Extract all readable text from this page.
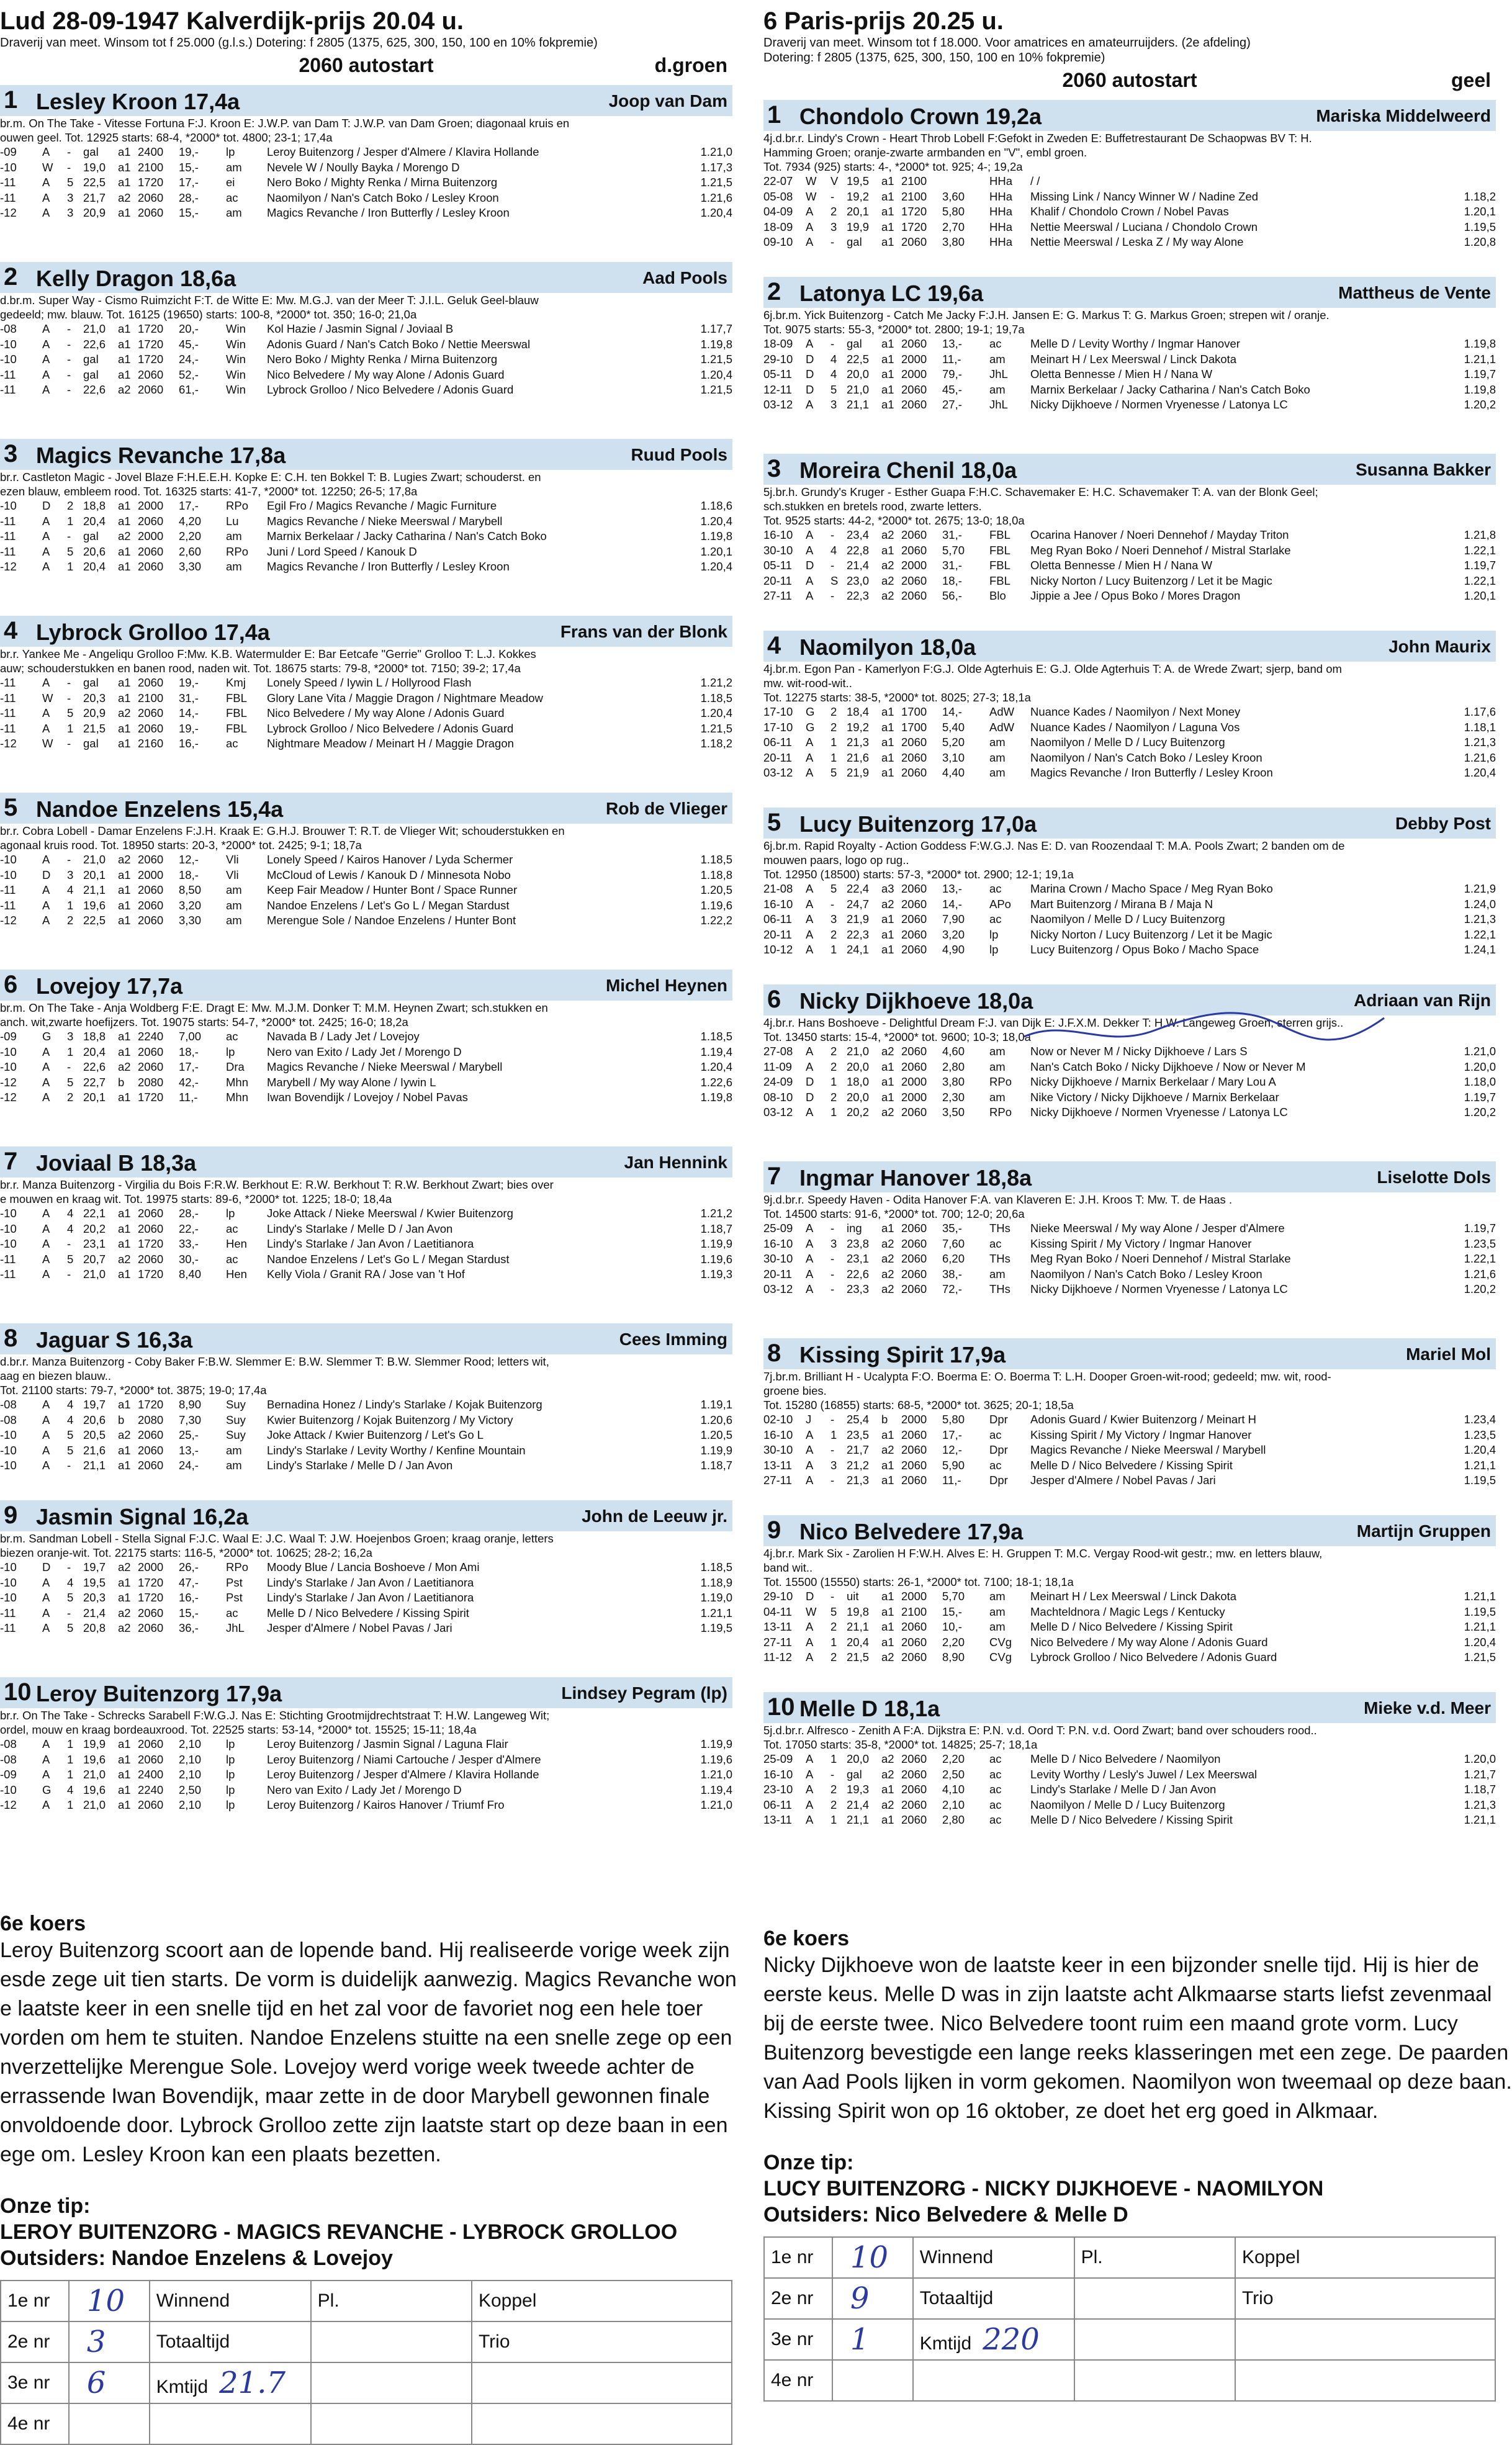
Lud 28-09-1947 Kalverdijk-prijs 20.04 u.
Draverij van meet. Winsom tot f 25.000 (g.l.s.) Dotering: f 2805 (1375, 625, 300, 150, 100 en 10% fokpremie)
2060 autostart	d.groen
1 Lesley Kroon 17,4a	Joop van Dam
br.m. On The Take - Vitesse Fortuna F:J. Kroon E: J.W.P. van Dam T: J.W.P. van Dam Groen; diagonaal kruis en
ouwen geel. Tot. 12925 starts: 68-4, *2000* tot. 4800; 23-1; 17,4a
-09	A	-	gal	a1 2400	19,-	lp	Leroy Buitenzorg / Jesper d'Almere / Klavira Hollande	1.21,0
-10	W	-	19,0	a1 2100	15,-	am	Nevele W / Noully Bayka / Morengo D	1.17,3
-11	A	5 22,5	a1 1720	17,-	ei	Nero Boko / Mighty Renka / Mirna Buitenzorg	1.21,5
-11	A	3 21,7	a2 2060	28,-	ac	Naomilyon / Nan's Catch Boko / Lesley Kroon	1.21,6
-12	A	3 20,9	a1 2060	15,-	am	Magics Revanche / Iron Butterfly / Lesley Kroon	1.20,4
2 Kelly Dragon 18,6a	Aad Pools
d.br.m. Super Way - Cismo Ruimzicht F:T. de Witte E: Mw. M.G.J. van der Meer T: J.I.L. Geluk Geel-blauw
gedeeld; mw. blauw. Tot. 16125 (19650) starts: 100-8, *2000* tot. 350; 16-0; 21,0a
-08	A	-	21,0	a1 1720	20,-	Win	Kol Hazie / Jasmin Signal / Joviaal B	1.17,7
-10	A	-	22,6	a1 1720	45,-	Win	Adonis Guard / Nan's Catch Boko / Nettie Meerswal	1.19,8
-10	A	-	gal	a1 1720	24,-	Win	Nero Boko / Mighty Renka / Mirna Buitenzorg	1.21,5
-11	A	-	gal	a1 2060	52,-	Win	Nico Belvedere / My way Alone / Adonis Guard	1.20,4
-11	A	-	22,6	a2 2060	61,-	Win	Lybrock Grolloo / Nico Belvedere / Adonis Guard	1.21,5
3 Magics Revanche 17,8a	Ruud Pools
br.r. Castleton Magic - Jovel Blaze F:H.E.E.H. Kopke E: C.H. ten Bokkel T: B. Lugies Zwart; schouderst. en
ezen blauw, embleem rood. Tot. 16325 starts: 41-7, *2000* tot. 12250; 26-5; 17,8a
-10	D	2 18,8	a1 2000	17,-	RPo	Egil Fro / Magics Revanche / Magic Furniture	1.18,6
-11	A	1 20,4	a1 2060	4,20	Lu	Magics Revanche / Nieke Meerswal / Marybell	1.20,4
-11	A	-	gal	a2 2000	2,20	am	Marnix Berkelaar / Jacky Catharina / Nan's Catch Boko	1.19,8
-11	A	5 20,6	a1 2060	2,60	RPo	Juni / Lord Speed / Kanouk D	1.20,1
-12	A	1 20,4	a1 2060	3,30	am	Magics Revanche / Iron Butterfly / Lesley Kroon	1.20,4
4 Lybrock Grolloo 17,4a	Frans van der Blonk
br.r. Yankee Me - Angeliqu Grolloo F:Mw. K.B. Watermulder E: Bar Eetcafe "Gerrie" Grolloo T: L.J. Kokkes
auw; schouderstukken en banen rood, naden wit. Tot. 18675 starts: 79-8, *2000* tot. 7150; 39-2; 17,4a
-11	A	-	gal	a1 2060	19,-	Kmj	Lonely Speed / Iywin L / Hollyrood Flash	1.21,2
-11	W	-	20,3	a1 2100	31,-	FBL	Glory Lane Vita / Maggie Dragon / Nightmare Meadow	1.18,5
-11	A	5 20,9	a2 2060	14,-	FBL	Nico Belvedere / My way Alone / Adonis Guard	1.20,4
-11	A	1 21,5	a1 2060	19,-	FBL	Lybrock Grolloo / Nico Belvedere / Adonis Guard	1.21,5
-12	W	-	gal	a1 2160	16,-	ac	Nightmare Meadow / Meinart H / Maggie Dragon	1.18,2
5 Nandoe Enzelens 15,4a	Rob de Vlieger
br.r. Cobra Lobell - Damar Enzelens F:J.H. Kraak E: G.H.J. Brouwer T: R.T. de Vlieger Wit; schouderstukken en
agonaal kruis rood. Tot. 18950 starts: 20-3, *2000* tot. 2425; 9-1; 18,7a
-10	A	-	21,0	a2 2060	12,-	Vli	Lonely Speed / Kairos Hanover / Lyda Schermer	1.18,5
-10	D	3 20,1	a1 2000	18,-	Vli	McCloud of Lewis / Kanouk D / Minnesota Nobo	1.18,8
-11	A	4 21,1	a1 2060	8,50	am	Keep Fair Meadow / Hunter Bont / Space Runner	1.20,5
-11	A	1 19,6	a1 2060	3,20	am	Nandoe Enzelens / Let's Go L / Megan Stardust	1.19,6
-12	A	2 22,5	a1 2060	3,30	am	Merengue Sole / Nandoe Enzelens / Hunter Bont	1.22,2
6 Lovejoy 17,7a	Michel Heynen
br.m. On The Take - Anja Woldberg F:E. Dragt E: Mw. M.J.M. Donker T: M.M. Heynen Zwart; sch.stukken en
anch. wit,zwarte hoefijzers. Tot. 19075 starts: 54-7, *2000* tot. 2425; 16-0; 18,2a
-09	G	3 18,8	a1 2240	7,00	ac	Navada B / Lady Jet / Lovejoy	1.18,5
-10	A	1 20,4	a1 2060	18,-	lp	Nero van Exito / Lady Jet / Morengo D	1.19,4
-10	A	-	22,6	a2 2060	17,-	Dra	Magics Revanche / Nieke Meerswal / Marybell	1.20,4
-12	A	5 22,7	b	2080	42,-	Mhn	Marybell / My way Alone / Iywin L	1.22,6
-12	A	2 20,1	a1 1720	11,-	Mhn	Iwan Bovendijk / Lovejoy / Nobel Pavas	1.19,8
7 Joviaal B 18,3a	Jan Hennink
br.r. Manza Buitenzorg - Virgilia du Bois F:R.W. Berkhout E: R.W. Berkhout T: R.W. Berkhout Zwart; bies over
e mouwen en kraag wit. Tot. 19975 starts: 89-6, *2000* tot. 1225; 18-0; 18,4a
-10	A	4 22,1	a1 2060	28,-	lp	Joke Attack / Nieke Meerswal / Kwier Buitenzorg	1.21,2
-10	A	4 20,2	a1 2060	22,-	ac	Lindy's Starlake / Melle D / Jan Avon	1.18,7
-10	A	-	23,1	a1 1720	33,-	Hen	Lindy's Starlake / Jan Avon / Laetitianora	1.19,9
-11	A	5 20,7	a2 2060	30,-	ac	Nandoe Enzelens / Let's Go L / Megan Stardust	1.19,6
-11	A	-	21,0	a1 1720	8,40	Hen	Kelly Viola / Granit RA / Jose van 't Hof	1.19,3
8 Jaguar S 16,3a	Cees Imming
d.br.r. Manza Buitenzorg - Coby Baker F:B.W. Slemmer E: B.W. Slemmer T: B.W. Slemmer Rood; letters wit,
aag en biezen blauw..
Tot. 21100 starts: 79-7, *2000* tot. 3875; 19-0; 17,4a
-08	A	4 19,7	a1 1720	8,90	Suy	Bernadina Honez / Lindy's Starlake / Kojak Buitenzorg	1.19,1
-08	A	4 20,6	b	2080	7,30	Suy	Kwier Buitenzorg / Kojak Buitenzorg / My Victory	1.20,6
-10	A	5 20,5	a2 2060	25,-	Suy	Joke Attack / Kwier Buitenzorg / Let's Go L	1.20,5
-10	A	5 21,6	a1 2060	13,-	am	Lindy's Starlake / Levity Worthy / Kenfine Mountain	1.19,9
-10	A	-	21,1	a1 2060	24,-	am	Lindy's Starlake / Melle D / Jan Avon	1.18,7
9 Jasmin Signal 16,2a	John de Leeuw jr.
br.m. Sandman Lobell - Stella Signal F:J.C. Waal E: J.C. Waal T: J.W. Hoejenbos Groen; kraag oranje, letters
biezen oranje-wit. Tot. 22175 starts: 116-5, *2000* tot. 10625; 28-2; 16,2a
-10	D	-	19,7	a2 2000	26,-	RPo	Moody Blue / Lancia Boshoeve / Mon Ami	1.18,5
-10	A	4 19,5	a1 1720	47,-	Pst	Lindy's Starlake / Jan Avon / Laetitianora	1.18,9
-10	A	5 20,3	a1 1720	16,-	Pst	Lindy's Starlake / Jan Avon / Laetitianora	1.19,0
-11	A	-	21,4	a2 2060	15,-	ac	Melle D / Nico Belvedere / Kissing Spirit	1.21,1
-11	A	5 20,8	a2 2060	36,-	JhL	Jesper d'Almere / Nobel Pavas / Jari	1.19,5
10 Leroy Buitenzorg 17,9a	Lindsey Pegram (lp)
br.r. On The Take - Schrecks Sarabell F:W.G.J. Nas E: Stichting Grootmijdrechtstraat T: H.W. Langeweg Wit;
ordel, mouw en kraag bordeauxrood. Tot. 22525 starts: 53-14, *2000* tot. 15525; 15-11; 18,4a
-08	A	1 19,9	a1 2060	2,10	lp	Leroy Buitenzorg / Jasmin Signal / Laguna Flair	1.19,9
-08	A	1 19,6	a1 2060	2,10	lp	Leroy Buitenzorg / Niami Cartouche / Jesper d'Almere	1.19,6
-09	A	1 21,0	a1 2400	2,10	lp	Leroy Buitenzorg / Jesper d'Almere / Klavira Hollande	1.21,0
-10	G	4 19,6	a1 2240	2,50	lp	Nero van Exito / Lady Jet / Morengo D	1.19,4
-12	A	1 21,0	a1 2060	2,10	lp	Leroy Buitenzorg / Kairos Hanover / Triumf Fro	1.21,0
6e koers
Leroy Buitenzorg scoort aan de lopende band. Hij realiseerde vorige week zijn
esde zege uit tien starts. De vorm is duidelijk aanwezig. Magics Revanche won
e laatste keer in een snelle tijd en het zal voor de favoriet nog een hele toer
vorden om hem te stuiten. Nandoe Enzelens stuitte na een snelle zege op een
nverzettelijke Merengue Sole. Lovejoy werd vorige week tweede achter de
errassende Iwan Bovendijk, maar zette in de door Marybell gewonnen finale
onvoldoende door. Lybrock Grolloo zette zijn laatste start op deze baan in een
ege om. Lesley Kroon kan een plaats bezetten.
Onze tip:
LEROY BUITENZORG - MAGICS REVANCHE - LYBROCK GROLLOO
Outsiders: Nandoe Enzelens & Lovejoy
1e nr	10	Winnend	Pl.	Koppel
2e nr	3	Totaaltijd		Trio
3e nr	6	Kmtijd 21.7		
4e nr				
6 Paris-prijs 20.25 u.
Draverij van meet. Winsom tot f 18.000. Voor amatrices en amateurruijders. (2e afdeling)
Dotering: f 2805 (1375, 625, 300, 150, 100 en 10% fokpremie)
2060 autostart	geel
1 Chondolo Crown 19,2a	Mariska Middelweerd
4j.d.br.r. Lindy's Crown - Heart Throb Lobell F:Gefokt in Zweden E: Buffetrestaurant De Schaopwas BV T: H.
Hamming Groen; oranje-zwarte armbanden en "V", embl groen.
Tot. 7934 (925) starts: 4-, *2000* tot. 925; 4-; 19,2a
22-07	W	V 19,5	a1 2100	HHa	/ /
05-08	W	-	19,2	a1 2100	3,60	HHa	Missing Link / Nancy Winner W / Nadine Zed	1.18,2
04-09	A	2 20,1	a1 1720	5,80	HHa	Khalif / Chondolo Crown / Nobel Pavas	1.20,1
18-09	A	3 19,9	a1 1720	2,70	HHa	Nettie Meerswal / Luciana / Chondolo Crown	1.19,5
09-10	A	-	gal	a1 2060	3,80	HHa	Nettie Meerswal / Leska Z / My way Alone	1.20,8
2 Latonya LC 19,6a	Mattheus de Vente
6j.br.m. Yick Buitenzorg - Catch Me Jacky F:J.H. Jansen E: G. Markus T: G. Markus Groen; strepen wit / oranje.
Tot. 9075 starts: 55-3, *2000* tot. 2800; 19-1; 19,7a
18-09	A	-	gal	a1 2060	13,-	ac	Melle D / Levity Worthy / Ingmar Hanover	1.19,8
29-10	D	4 22,5	a1 2000	11,-	am	Meinart H / Lex Meerswal / Linck Dakota	1.21,1
05-11	D	4 20,0	a1 2000	79,-	JhL	Oletta Bennesse / Mien H / Nana W	1.19,7
12-11	D	5 21,0	a1 2060	45,-	am	Marnix Berkelaar / Jacky Catharina / Nan's Catch Boko	1.19,8
03-12	A	3 21,1	a1 2060	27,-	JhL	Nicky Dijkhoeve / Normen Vryenesse / Latonya LC	1.20,2
3 Moreira Chenil 18,0a	Susanna Bakker
5j.br.h. Grundy's Kruger - Esther Guapa F:H.C. Schavemaker E: H.C. Schavemaker T: A. van der Blonk Geel;
sch.stukken en bretels rood, zwarte letters.
Tot. 9525 starts: 44-2, *2000* tot. 2675; 13-0; 18,0a
16-10	A	-	23,4	a2 2060	31,-	FBL	Ocarina Hanover / Noeri Dennehof / Mayday Triton	1.21,8
30-10	A	4 22,8	a1 2060	5,70	FBL	Meg Ryan Boko / Noeri Dennehof / Mistral Starlake	1.22,1
05-11	D	-	21,4	a2 2000	31,-	FBL	Oletta Bennesse / Mien H / Nana W	1.19,7
20-11	A	S 23,0	a2 2060	18,-	FBL	Nicky Norton / Lucy Buitenzorg / Let it be Magic	1.22,1
27-11	A	-	22,3	a2 2060	56,-	Blo	Jippie a Jee / Opus Boko / Mores Dragon	1.20,1
4 Naomilyon 18,0a	John Maurix
4j.br.m. Egon Pan - Kamerlyon F:G.J. Olde Agterhuis E: G.J. Olde Agterhuis T: A. de Wrede Zwart; sjerp, band om
mw. wit-rood-wit..
Tot. 12275 starts: 38-5, *2000* tot. 8025; 27-3; 18,1a
17-10	G	2 18,4	a1 1700	14,-	AdW	Nuance Kades / Naomilyon / Next Money	1.17,6
17-10	G	2 19,2	a1 1700	5,40	AdW	Nuance Kades / Naomilyon / Laguna Vos	1.18,1
06-11	A	1 21,3	a1 2060	5,20	am	Naomilyon / Melle D / Lucy Buitenzorg	1.21,3
20-11	A	1 21,6	a1 2060	3,10	am	Naomilyon / Nan's Catch Boko / Lesley Kroon	1.21,6
03-12	A	5 21,9	a1 2060	4,40	am	Magics Revanche / Iron Butterfly / Lesley Kroon	1.20,4
5 Lucy Buitenzorg 17,0a	Debby Post
6j.br.m. Rapid Royalty - Action Goddess F:W.G.J. Nas E: D. van Roozendaal T: M.A. Pools Zwart; 2 banden om de
mouwen paars, logo op rug..
Tot. 12950 (18500) starts: 57-3, *2000* tot. 2900; 12-1; 19,1a
21-08	A	5 22,4	a3 2060	13,-	ac	Marina Crown / Macho Space / Meg Ryan Boko	1.21,9
16-10	A	-	24,7	a2 2060	14,-	APo	Mart Buitenzorg / Mirana B / Maja N	1.24,0
06-11	A	3 21,9	a1 2060	7,90	ac	Naomilyon / Melle D / Lucy Buitenzorg	1.21,3
20-11	A	2 22,3	a1 2060	3,20	lp	Nicky Norton / Lucy Buitenzorg / Let it be Magic	1.22,1
10-12	A	1 24,1	a1 2060	4,90	lp	Lucy Buitenzorg / Opus Boko / Macho Space	1.24,1
6 Nicky Dijkhoeve 18,0a	Adriaan van Rijn
4j.br.r. Hans Boshoeve - Delightful Dream F:J. van Dijk E: J.F.X.M. Dekker T: H.W. Langeweg Groen; sterren grijs..
Tot. 13450 starts: 15-4, *2000* tot. 9600; 10-3; 18,0a
27-08	A	2 21,0	a2 2060	4,60	am	Now or Never M / Nicky Dijkhoeve / Lars S	1.21,0
11-09	A	2 20,0	a1 2060	2,80	am	Nan's Catch Boko / Nicky Dijkhoeve / Now or Never M	1.20,0
24-09	D	1 18,0	a1 2000	3,80	RPo	Nicky Dijkhoeve / Marnix Berkelaar / Mary Lou A	1.18,0
08-10	D	2 20,0	a1 2000	2,30	am	Nike Victory / Nicky Dijkhoeve / Marnix Berkelaar	1.19,7
03-12	A	1 20,2	a2 2060	3,50	RPo	Nicky Dijkhoeve / Normen Vryenesse / Latonya LC	1.20,2
7 Ingmar Hanover 18,8a	Liselotte Dols
9j.d.br.r. Speedy Haven - Odita Hanover F:A. van Klaveren E: J.H. Kroos T: Mw. T. de Haas .
Tot. 14500 starts: 91-6, *2000* tot. 700; 12-0; 20,6a
25-09	A	-	ing	a1 2060	35,-	THs	Nieke Meerswal / My way Alone / Jesper d'Almere	1.19,7
16-10	A	3 23,8	a2 2060	7,60	ac	Kissing Spirit / My Victory / Ingmar Hanover	1.23,5
30-10	A	-	23,1	a2 2060	6,20	THs	Meg Ryan Boko / Noeri Dennehof / Mistral Starlake	1.22,1
20-11	A	-	22,6	a2 2060	38,-	am	Naomilyon / Nan's Catch Boko / Lesley Kroon	1.21,6
03-12	A	-	23,3	a2 2060	72,-	THs	Nicky Dijkhoeve / Normen Vryenesse / Latonya LC	1.20,2
8 Kissing Spirit 17,9a	Mariel Mol
7j.br.m. Brilliant H - Ucalypta F:O. Boerma E: O. Boerma T: L.H. Dooper Groen-wit-rood; gedeeld; mw. wit, rood-
groene bies.
Tot. 15280 (16855) starts: 68-5, *2000* tot. 3625; 20-1; 18,5a
02-10	J	-	25,4	b	2000	5,80	Dpr	Adonis Guard / Kwier Buitenzorg / Meinart H	1.23,4
16-10	A	1 23,5	a1 2060	17,-	ac	Kissing Spirit / My Victory / Ingmar Hanover	1.23,5
30-10	A	-	21,7	a2 2060	12,-	Dpr	Magics Revanche / Nieke Meerswal / Marybell	1.20,4
13-11	A	3 21,2	a1 2060	5,90	ac	Melle D / Nico Belvedere / Kissing Spirit	1.21,1
27-11	A	-	21,3	a1 2060	11,-	Dpr	Jesper d'Almere / Nobel Pavas / Jari	1.19,5
9 Nico Belvedere 17,9a	Martijn Gruppen
4j.br.r. Mark Six - Zarolien H F:W.H. Alves E: H. Gruppen T: M.C. Vergay Rood-wit gestr.; mw. en letters blauw,
band wit..
Tot. 15500 (15550) starts: 26-1, *2000* tot. 7100; 18-1; 18,1a
29-10	D	-	uit	a1 2000	5,70	am	Meinart H / Lex Meerswal / Linck Dakota	1.21,1
04-11	W	5 19,8	a1 2100	15,-	am	Machteldnora / Magic Legs / Kentucky	1.19,5
13-11	A	2 21,1	a1 2060	10,-	am	Melle D / Nico Belvedere / Kissing Spirit	1.21,1
27-11	A	1 20,4	a1 2060	2,20	CVg	Nico Belvedere / My way Alone / Adonis Guard	1.20,4
11-12	A	2 21,5	a2 2060	8,90	CVg	Lybrock Grolloo / Nico Belvedere / Adonis Guard	1.21,5
10 Melle D 18,1a	Mieke v.d. Meer
5j.d.br.r. Alfresco - Zenith A F:A. Dijkstra E: P.N. v.d. Oord T: P.N. v.d. Oord Zwart; band over schouders rood..
Tot. 17050 starts: 35-8, *2000* tot. 14825; 25-7; 18,1a
25-09	A	1 20,0	a2 2060	2,20	ac	Melle D / Nico Belvedere / Naomilyon	1.20,0
16-10	A	-	gal	a2 2060	2,50	ac	Levity Worthy / Lesly's Juwel / Lex Meerswal	1.21,7
23-10	A	2 19,3	a1 2060	4,10	ac	Lindy's Starlake / Melle D / Jan Avon	1.18,7
06-11	A	2 21,4	a2 2060	2,10	ac	Naomilyon / Melle D / Lucy Buitenzorg	1.21,3
13-11	A	1 21,1	a1 2060	2,80	ac	Melle D / Nico Belvedere / Kissing Spirit	1.21,1
6e koers
Nicky Dijkhoeve won de laatste keer in een bijzonder snelle tijd. Hij is hier de
eerste keus. Melle D was in zijn laatste acht Alkmaarse starts liefst zevenmaal
bij de eerste twee. Nico Belvedere toont ruim een maand grote vorm. Lucy
Buitenzorg bevestigde een lange reeks klasseringen met een zege. De paarden
van Aad Pools lijken in vorm gekomen. Naomilyon won tweemaal op deze baan.
Kissing Spirit won op 16 oktober, ze doet het erg goed in Alkmaar.
Onze tip:
LUCY BUITENZORG - NICKY DIJKHOEVE - NAOMILYON
Outsiders: Nico Belvedere & Melle D
1e nr	10	Winnend	Pl.	Koppel
2e nr	9	Totaaltijd		Trio
3e nr	1	Kmtijd 220		
4e nr				
